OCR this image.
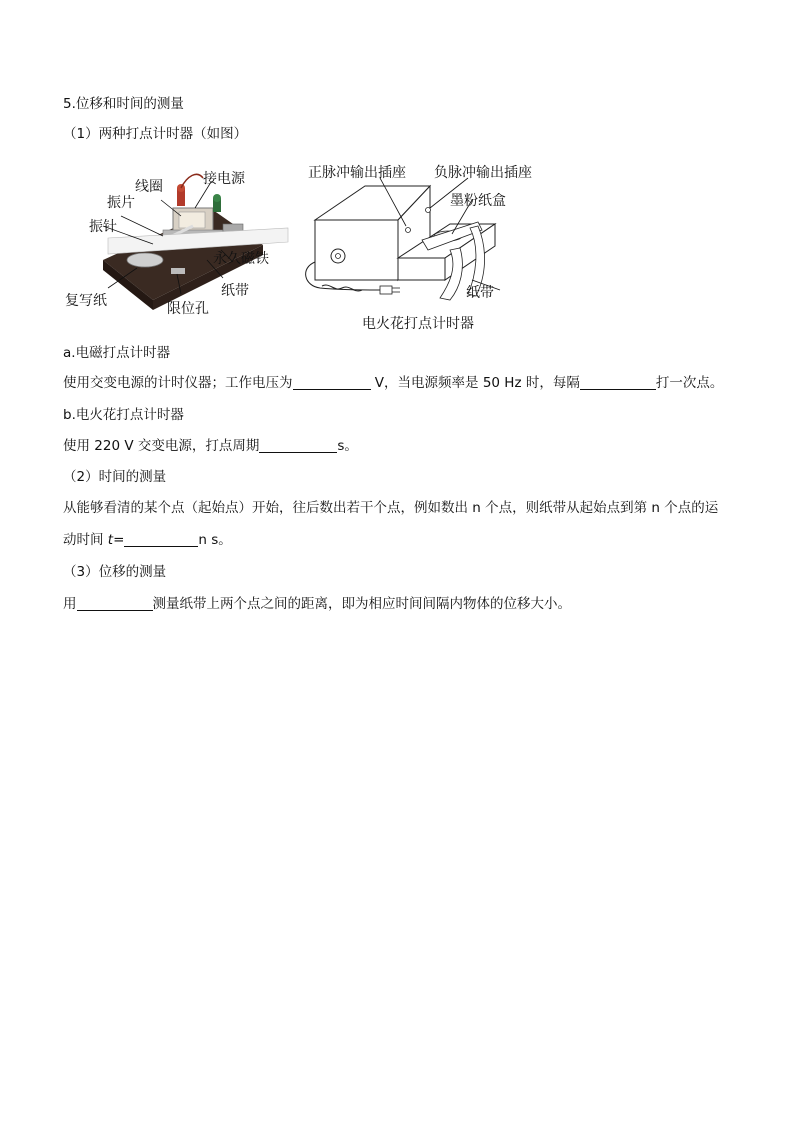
5.位移和时间的测量
（1）两种打点计时器（如图）
线圈	接电源
振片
振针
永久磁铁
纸带
复写纸	限位孔
正脉冲输出插座 负脉冲输出插座
墨粉纸盒
纸带
电火花打点计时器
a.电磁打点计时器
使用交变电源的计时仪器；工作电压为	V，当电源频率是 50 Hz 时，每隔	打一次点。
b.电火花打点计时器
使用 220 V 交变电源，打点周期	s。
（2）时间的测量
从能够看清的某个点（起始点）开始，往后数出若干个点，例如数出 n 个点，则纸带从起始点到第 n 个点的运
动时间 t=	n s。
（3）位移的测量
用	测量纸带上两个点之间的距离，即为相应时间间隔内物体的位移大小。
